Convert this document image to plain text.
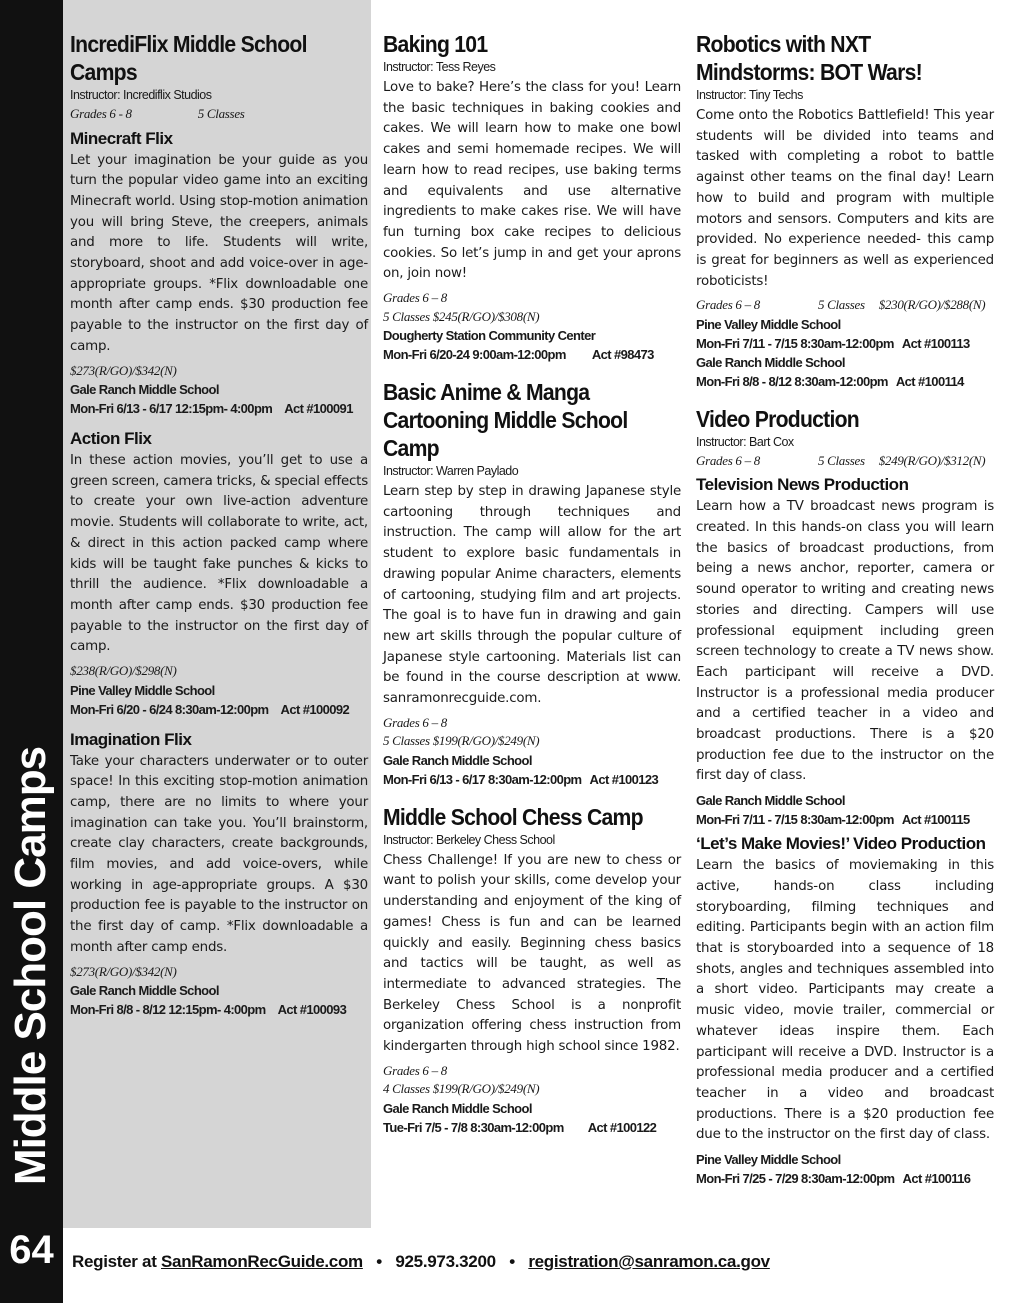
Middle School Camps
64
IncrediFlix Middle School Camps
Instructor: Incrediflix Studios
Grades 6 - 8	5 Classes
Minecraft Flix
Let your imagination be your guide as you turn the popular video game into an exciting Minecraft world. Using stop-motion animation you will bring Steve, the creepers, animals and more to life. Students will write, storyboard, shoot and add voice-over in age-appropriate groups. *Flix downloadable one month after camp ends. $30 production fee payable to the instructor on the first day of camp.
$273(R/GO)/$342(N)
Gale Ranch Middle School
Mon-Fri 6/13 - 6/17 12:15pm- 4:00pm Act #100091
Action Flix
In these action movies, you’ll get to use a green screen, camera tricks, & special effects to create your own live-action adventure movie. Students will collaborate to write, act, & direct in this action packed camp where kids will be taught fake punches & kicks to thrill the audience. *Flix downloadable a month after camp ends. $30 production fee payable to the instructor on the first day of camp.
$238(R/GO)/$298(N)
Pine Valley Middle School
Mon-Fri 6/20 - 6/24 8:30am-12:00pm Act #100092
Imagination Flix
Take your characters underwater or to outer space! In this exciting stop-motion animation camp, there are no limits to where your imagination can take you. You’ll brainstorm, create clay characters, create backgrounds, film movies, and add voice-overs, while working in age-appropriate groups. A $30 production fee is payable to the instructor on the first day of camp. *Flix downloadable a month after camp ends.
$273(R/GO)/$342(N)
Gale Ranch Middle School
Mon-Fri 8/8 - 8/12 12:15pm- 4:00pm Act #100093
Baking 101
Instructor: Tess Reyes
Love to bake? Here’s the class for you! Learn the basic techniques in baking cookies and cakes. We will learn how to make one bowl cakes and semi homemade recipes. We will learn how to read recipes, use baking terms and equivalents and use alternative ingredients to make cakes rise. We will have fun turning box cake recipes to delicious cookies. So let’s jump in and get your aprons on, join now!
Grades 6 – 8
5 Classes $245(R/GO)/$308(N)
Dougherty Station Community Center
Mon-Fri 6/20-24 9:00am-12:00pm Act #98473
Basic Anime & Manga Cartooning Middle School Camp
Instructor: Warren Paylado
Learn step by step in drawing Japanese style cartooning through techniques and instruction. The camp will allow for the art student to explore basic fundamentals in drawing popular Anime characters, elements of cartooning, studying film and art projects. The goal is to have fun in drawing and gain new art skills through the popular culture of Japanese style cartooning. Materials list can be found in the course description at www. sanramonrecguide.com.
Grades 6 – 8
5 Classes $199(R/GO)/$249(N)
Gale Ranch Middle School
Mon-Fri 6/13 - 6/17 8:30am-12:00pm Act #100123
Middle School Chess Camp
Instructor: Berkeley Chess School
Chess Challenge! If you are new to chess or want to polish your skills, come develop your understanding and enjoyment of the king of games! Chess is fun and can be learned quickly and easily. Beginning chess basics and tactics will be taught, as well as intermediate to advanced strategies. The Berkeley Chess School is a nonprofit organization offering chess instruction from kindergarten through high school since 1982.
Grades 6 – 8
4 Classes $199(R/GO)/$249(N)
Gale Ranch Middle School
Tue-Fri 7/5 - 7/8 8:30am-12:00pm Act #100122
Robotics with NXT Mindstorms: BOT Wars!
Instructor: Tiny Techs
Come onto the Robotics Battlefield! This year students will be divided into teams and tasked with completing a robot to battle against other teams on the final day! Learn how to build and program with multiple motors and sensors. Computers and kits are provided. No experience needed- this camp is great for beginners as well as experienced roboticists!
Grades 6 – 8	5 Classes $230(R/GO)/$288(N)
Pine Valley Middle School
Mon-Fri 7/11 - 7/15 8:30am-12:00pm Act #100113
Gale Ranch Middle School
Mon-Fri 8/8 - 8/12 8:30am-12:00pm Act #100114
Video Production
Instructor: Bart Cox
Grades 6 – 8	5 Classes $249(R/GO)/$312(N)
Television News Production
Learn how a TV broadcast news program is created. In this hands-on class you will learn the basics of broadcast productions, from being a news anchor, reporter, camera or sound operator to writing and creating news stories and directing. Campers will use professional equipment including green screen technology to create a TV news show. Each participant will receive a DVD. Instructor is a professional media producer and a certified teacher in a video and broadcast productions. There is a $20 production fee due to the instructor on the first day of class.
Gale Ranch Middle School
Mon-Fri 7/11 - 7/15 8:30am-12:00pm Act #100115
‘Let’s Make Movies!’ Video Production
Learn the basics of moviemaking in this active, hands-on class including storyboarding, filming techniques and editing. Participants begin with an action film that is storyboarded into a sequence of 18 shots, angles and techniques assembled into a short video. Participants may create a music video, movie trailer, commercial or whatever ideas inspire them. Each participant will receive a DVD. Instructor is a professional media producer and a certified teacher in a video and broadcast productions. There is a $20 production fee due to the instructor on the first day of class.
Pine Valley Middle School
Mon-Fri 7/25 - 7/29 8:30am-12:00pm Act #100116
Register at SanRamonRecGuide.com • 925.973.3200 • registration@sanramon.ca.gov
